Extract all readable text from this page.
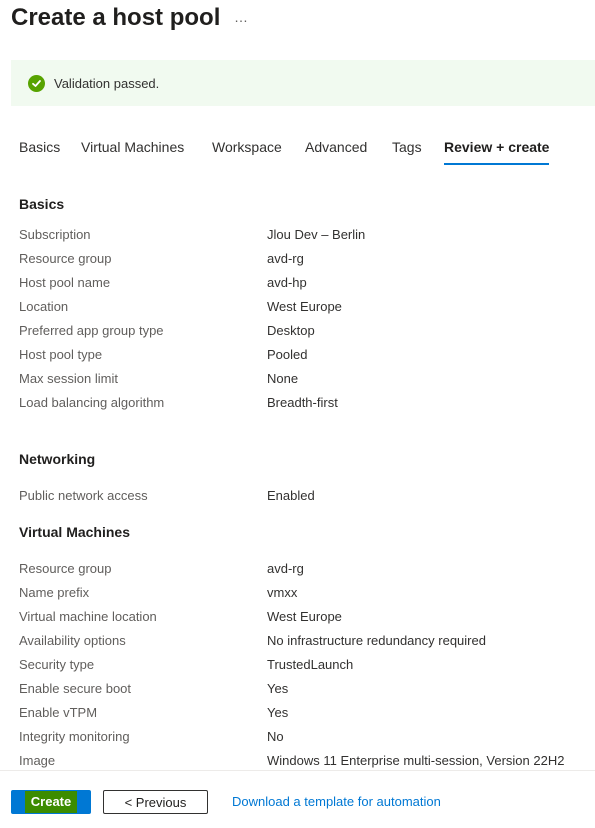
Create a host pool …
Validation passed.
Basics Virtual Machines Workspace Advanced Tags Review + create
Basics
Subscription	Jlou Dev – Berlin
Resource group	avd-rg
Host pool name	avd-hp
Location	West Europe
Preferred app group type	Desktop
Host pool type	Pooled
Max session limit	None
Load balancing algorithm	Breadth-first
Networking
Public network access	Enabled
Virtual Machines
Resource group	avd-rg
Name prefix	vmxx
Virtual machine location	West Europe
Availability options	No infrastructure redundancy required
Security type	TrustedLaunch
Enable secure boot	Yes
Enable vTPM	Yes
Integrity monitoring	No
Image	Windows 11 Enterprise multi-session, Version 22H2
Create	< Previous	Download a template for automation
